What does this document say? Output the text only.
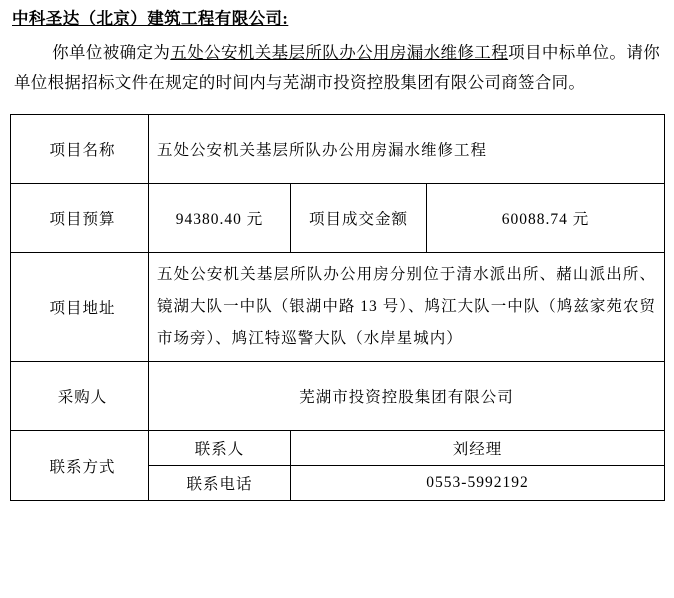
中科圣达（北京）建筑工程有限公司:
你单位被确定为五处公安机关基层所队办公用房漏水维修工程项目中标单位。请你单位根据招标文件在规定的时间内与芜湖市投资控股集团有限公司商签合同。
项目名称	五处公安机关基层所队办公用房漏水维修工程		
项目预算	94380.40 元	项目成交金额	60088.74 元
项目地址	五处公安机关基层所队办公用房分别位于清水派出所、赭山派出所、镜湖大队一中队（银湖中路 13 号）、鸠江大队一中队（鸠兹家苑农贸市场旁）、鸠江特巡警大队（水岸星城内）		
采购人	芜湖市投资控股集团有限公司		
联系方式	联系人	刘经理	
	联系电话	0553-5992192	
